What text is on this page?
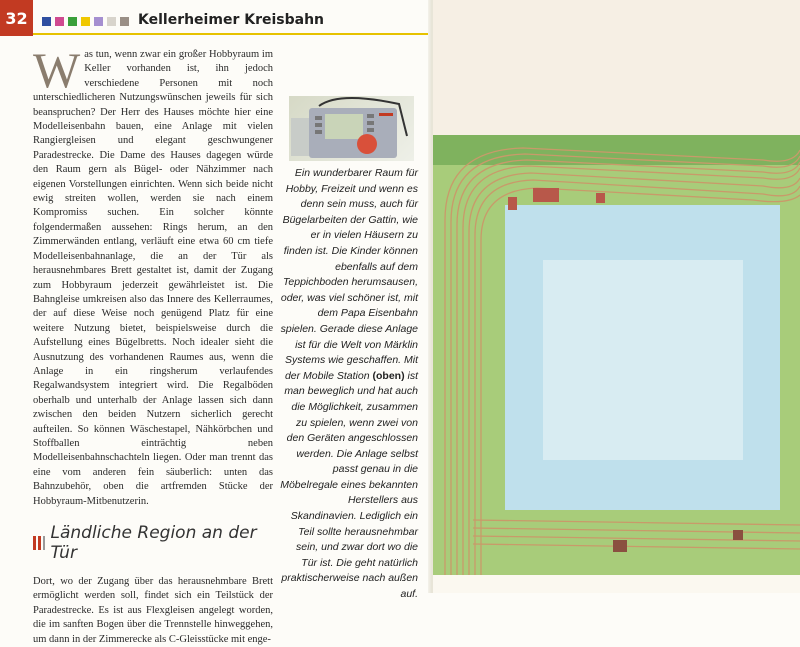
32	Kellerheimer Kreisbahn
Was tun, wenn zwar ein großer Hobbyraum im Keller vorhanden ist, ihn jedoch verschiedene Personen mit noch unterschiedlicheren Nutzungswünschen jeweils für sich beanspruchen? Der Herr des Hauses möchte hier eine Modelleisenbahn bauen, eine Anlage mit vielen Rangiergleisen und elegant geschwungener Paradestrecke. Die Dame des Hauses dagegen würde den Raum gern als Bügel- oder Nähzimmer nach eigenen Vorstellungen einrichten. Wenn sich beide nicht ewig streiten wollen, werden sie nach einem Kompromiss suchen. Ein solcher könnte folgendermaßen aussehen: Rings herum, an den Zimmerwänden entlang, verläuft eine etwa 60 cm tiefe Modelleisenbahnanlage, die an der Tür als herausnehmbares Brett gestaltet ist, damit der Zugang zum Hobbyraum jederzeit gewährleistet ist. Die Bahngleise umkreisen also das Innere des Kellerraumes, der auf diese Weise noch genügend Platz für eine weitere Nutzung bietet, beispielsweise durch die Aufstellung eines Bügelbretts. Noch idealer sieht die Ausnutzung des vorhandenen Raumes aus, wenn die Anlage in ein ringsherum verlaufendes Regalwandsystem integriert wird. Die Regalböden oberhalb und unterhalb der Anlage lassen sich dann zwischen den beiden Nutzern sicherlich gerecht aufteilen. So können Wäschestapel, Nähkörbchen und Stoffballen einträchtig neben Modelleisenbahnschachteln liegen. Oder man trennt das eine vom anderen fein säuberlich: unten das Bahnzubehör, oben die artfremden Stücke der Hobbyraum-Mitbenutzerin.
Ländliche Region an der Tür
Dort, wo der Zugang über das herausnehmbare Brett ermöglicht werden soll, findet sich ein Teilstück der Paradestrecke. Es ist aus Flexgleisen angelegt worden, die im sanften Bogen über die Trennstelle hinweggehen, um dann in der Zimmerecke als C-Gleisstücke mit enge-
Ein wunderbarer Raum für Hobby, Freizeit und wenn es denn sein muss, auch für Bügelarbeiten der Gattin, wie er in vielen Häusern zu finden ist. Die Kinder können ebenfalls auf dem Teppichboden herumsausen, oder, was viel schöner ist, mit dem Papa Eisenbahn spielen. Gerade diese Anlage ist für die Welt von Märklin Systems wie geschaffen. Mit der Mobile Station (oben) ist man beweglich und hat auch die Möglichkeit, zusammen zu spielen, wenn zwei von den Geräten angeschlossen werden. Die Anlage selbst passt genau in die Möbelregale eines bekannten Herstellers aus Skandinavien. Lediglich ein Teil sollte herausnehmbar sein, und zwar dort wo die Tür ist. Die geht natürlich praktischerweise nach außen auf.
